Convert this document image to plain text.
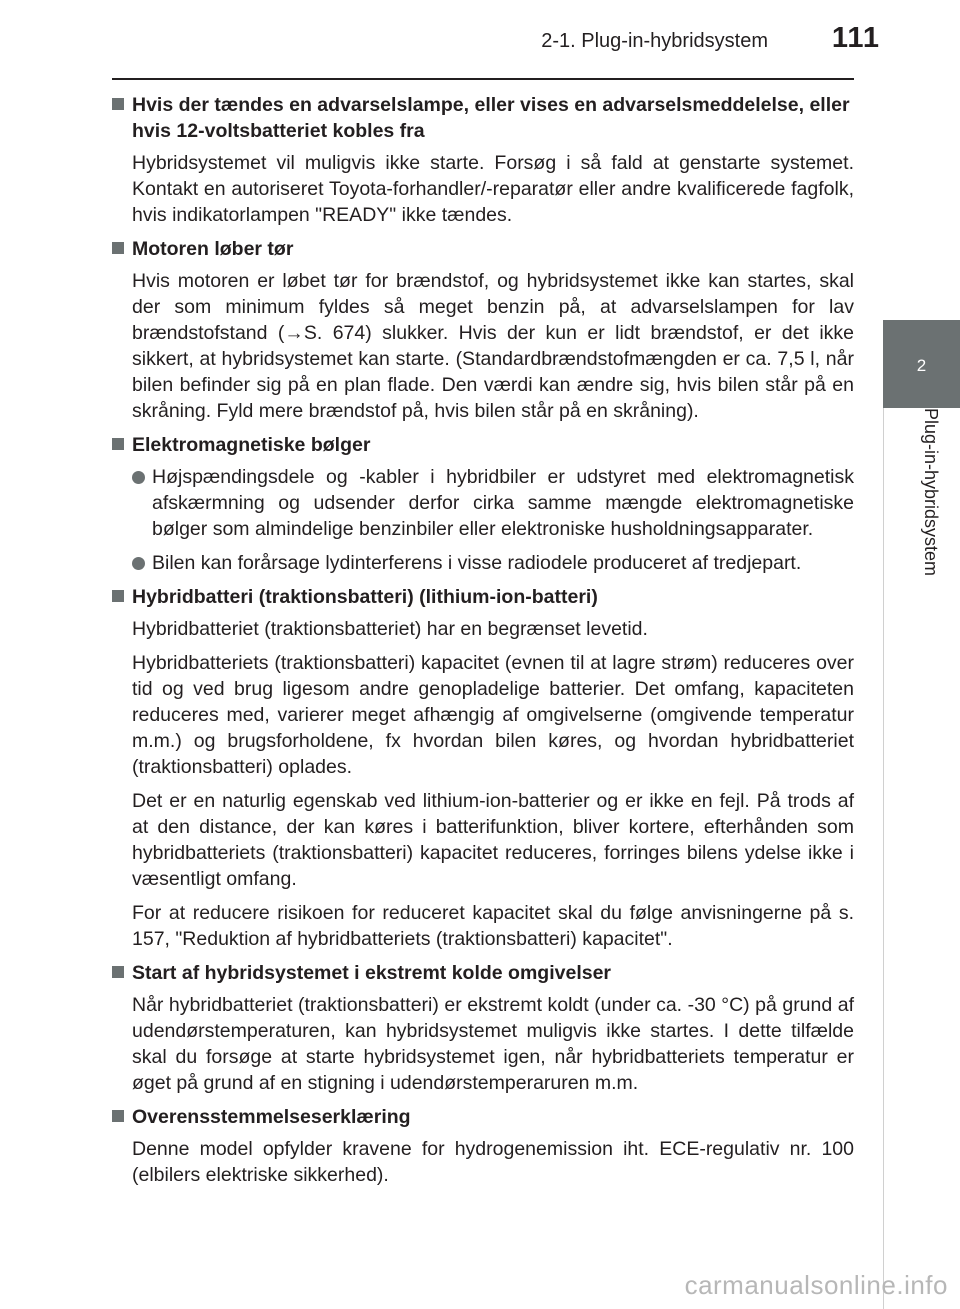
2-1. Plug-in-hybridsystem	111
2
Plug-in-hybridsystem
Hvis der tændes en advarselslampe, eller vises en advarselsmeddelelse, eller hvis 12-voltsbatteriet kobles fra

Hybridsystemet vil muligvis ikke starte. Forsøg i så fald at genstarte systemet. Kontakt en autoriseret Toyota-forhandler/-reparatør eller andre kvalificerede fagfolk, hvis indikatorlampen "READY" ikke tændes.

Motoren løber tør

Hvis motoren er løbet tør for brændstof, og hybridsystemet ikke kan startes, skal der som minimum fyldes så meget benzin på, at advarselslampen for lav brændstofstand (→S. 674) slukker. Hvis der kun er lidt brændstof, er det ikke sikkert, at hybridsystemet kan starte. (Standardbrændstofmængden er ca. 7,5 l, når bilen befinder sig på en plan flade. Den værdi kan ændre sig, hvis bilen står på en skråning. Fyld mere brændstof på, hvis bilen står på en skråning).

Elektromagnetiske bølger

Højspændingsdele og -kabler i hybridbiler er udstyret med elektromagnetisk afskærmning og udsender derfor cirka samme mængde elektromagnetiske bølger som almindelige benzinbiler eller elektroniske husholdningsapparater.

Bilen kan forårsage lydinterferens i visse radiodele produceret af tredjepart.

Hybridbatteri (traktionsbatteri) (lithium-ion-batteri)

Hybridbatteriet (traktionsbatteriet) har en begrænset levetid.

Hybridbatteriets (traktionsbatteri) kapacitet (evnen til at lagre strøm) reduceres over tid og ved brug ligesom andre genopladelige batterier. Det omfang, kapaciteten reduceres med, varierer meget afhængig af omgivelserne (omgivende temperatur m.m.) og brugsforholdene, fx hvordan bilen køres, og hvordan hybridbatteriet (traktionsbatteri) oplades.

Det er en naturlig egenskab ved lithium-ion-batterier og er ikke en fejl. På trods af at den distance, der kan køres i batterifunktion, bliver kortere, efterhånden som hybridbatteriets (traktionsbatteri) kapacitet reduceres, forringes bilens ydelse ikke i væsentligt omfang.

For at reducere risikoen for reduceret kapacitet skal du følge anvisningerne på s. 157, "Reduktion af hybridbatteriets (traktionsbatteri) kapacitet".

Start af hybridsystemet i ekstremt kolde omgivelser

Når hybridbatteriet (traktionsbatteri) er ekstremt koldt (under ca. -30 °C) på grund af udendørstemperaturen, kan hybridsystemet muligvis ikke startes. I dette tilfælde skal du forsøge at starte hybridsystemet igen, når hybridbatteriets temperatur er øget på grund af en stigning i udendørstemperaruren m.m.

Overensstemmelseserklæring

Denne model opfylder kravene for hydrogenemission iht. ECE-regulativ nr. 100 (elbilers elektriske sikkerhed).

carmanualsonline.info
